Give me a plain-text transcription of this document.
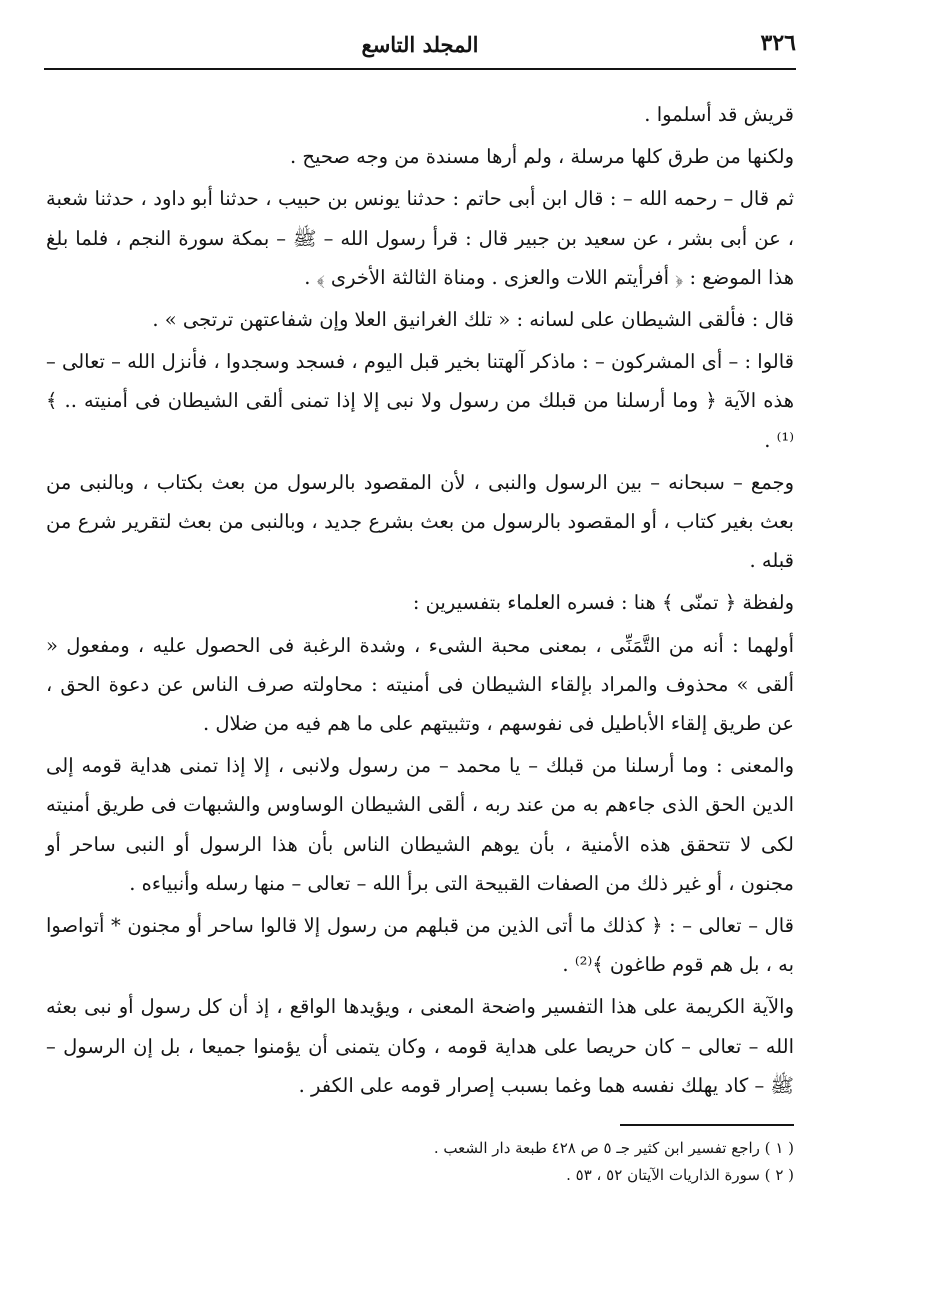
٣٢٦
المجلد التاسع

قريش قد أسلموا .

ولكنها من طرق كلها مرسلة ، ولم أرها مسندة من وجه صحيح .

ثم قال – رحمه الله – : قال ابن أبى حاتم : حدثنا يونس بن حبيب ، حدثنا أبو داود ، حدثنا شعبة ، عن أبى بشر ، عن سعيد بن جبير قال : قرأ رسول الله – ﷺ – بمكة سورة النجم ، فلما بلغ هذا الموضع : ﴿ أفرأيتم اللات والعزى . ومناة الثالثة الأخرى ﴾ .

قال : فألقى الشيطان على لسانه : « تلك الغرانيق العلا وإن شفاعتهن ترتجى » .

قالوا : – أى المشركون – : ماذكر آلهتنا بخير قبل اليوم ، فسجد وسجدوا ، فأنزل الله – تعالى – هذه الآية ﴿ وما أرسلنا من قبلك من رسول ولا نبى إلا إذا تمنى ألقى الشيطان فى أمنيته .. ﴾⁽¹⁾ .

وجمع – سبحانه – بين الرسول والنبى ، لأن المقصود بالرسول من بعث بكتاب ، وبالنبى من بعث بغير كتاب ، أو المقصود بالرسول من بعث بشرع جديد ، وبالنبى من بعث لتقرير شرع من قبله .

ولفظة ﴿ تمنّى ﴾ هنا : فسره العلماء بتفسيرين :

أولهما : أنه من التَّمَنِّى ، بمعنى محبة الشىء ، وشدة الرغبة فى الحصول عليه ، ومفعول « ألقى » محذوف والمراد بإلقاء الشيطان فى أمنيته : محاولته صرف الناس عن دعوة الحق ، عن طريق إلقاء الأباطيل فى نفوسهم ، وتثبيتهم على ما هم فيه من ضلال .

والمعنى : وما أرسلنا من قبلك – يا محمد – من رسول ولانبى ، إلا إذا تمنى هداية قومه إلى الدين الحق الذى جاءهم به من عند ربه ، ألقى الشيطان الوساوس والشبهات فى طريق أمنيته لكى لا تتحقق هذه الأمنية ، بأن يوهم الشيطان الناس بأن هذا الرسول أو النبى ساحر أو مجنون ، أو غير ذلك من الصفات القبيحة التى برأ الله – تعالى – منها رسله وأنبياءه .

قال – تعالى – : ﴿ كذلك ما أتى الذين من قبلهم من رسول إلا قالوا ساحر أو مجنون * أتواصوا به ، بل هم قوم طاغون ﴾⁽²⁾ .

والآية الكريمة على هذا التفسير واضحة المعنى ، ويؤيدها الواقع ، إذ أن كل رسول أو نبى بعثه الله – تعالى – كان حريصا على هداية قومه ، وكان يتمنى أن يؤمنوا جميعا ، بل إن الرسول – ﷺ – كاد يهلك نفسه هما وغما بسبب إصرار قومه على الكفر .

( ١ ) راجع تفسير ابن كثير جـ ٥ ص ٤٢٨ طبعة دار الشعب .

( ٢ ) سورة الذاريات الآيتان ٥٢ ، ٥٣ .
